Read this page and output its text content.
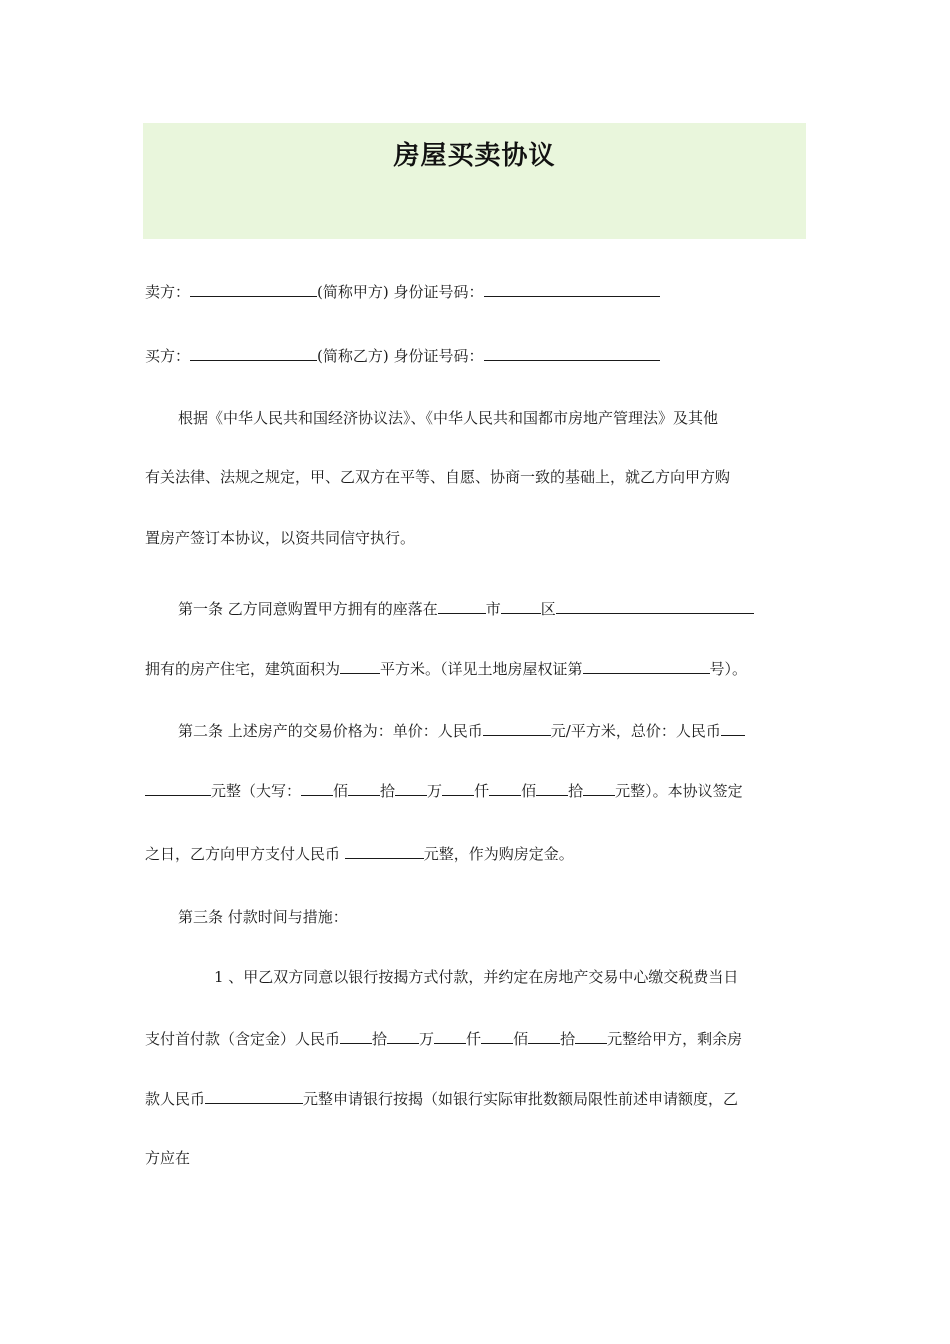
房屋买卖协议
卖方：	(简称甲方) 身份证号码：
买方：	(简称乙方) 身份证号码：
根据《中华人民共和国经济协议法》、《中华人民共和国都市房地产管理法》及其他
有关法律、法规之规定，甲、乙双方在平等、自愿、协商一致的基础上，就乙方向甲方购
置房产签订本协议，以资共同信守执行。
第一条 乙方同意购置甲方拥有的座落在	市	区
拥有的房产住宅，建筑面积为	平方米。（详见土地房屋权证第	号）。
第二条 上述房产的交易价格为：单价：人民币	元/平方米，总价：人民币
元整（大写： 佰 拾 万 仟 佰 拾 元整）。本协议签定
之日，乙方向甲方支付人民币	元整，作为购房定金。
第三条 付款时间与措施：
1 、甲乙双方同意以银行按揭方式付款，并约定在房地产交易中心缴交税费当日
支付首付款（含定金）人民币 拾 万 仟 佰 拾 元整给甲方，剩余房
款人民币	元整申请银行按揭（如银行实际审批数额局限性前述申请额度，乙
方应在
